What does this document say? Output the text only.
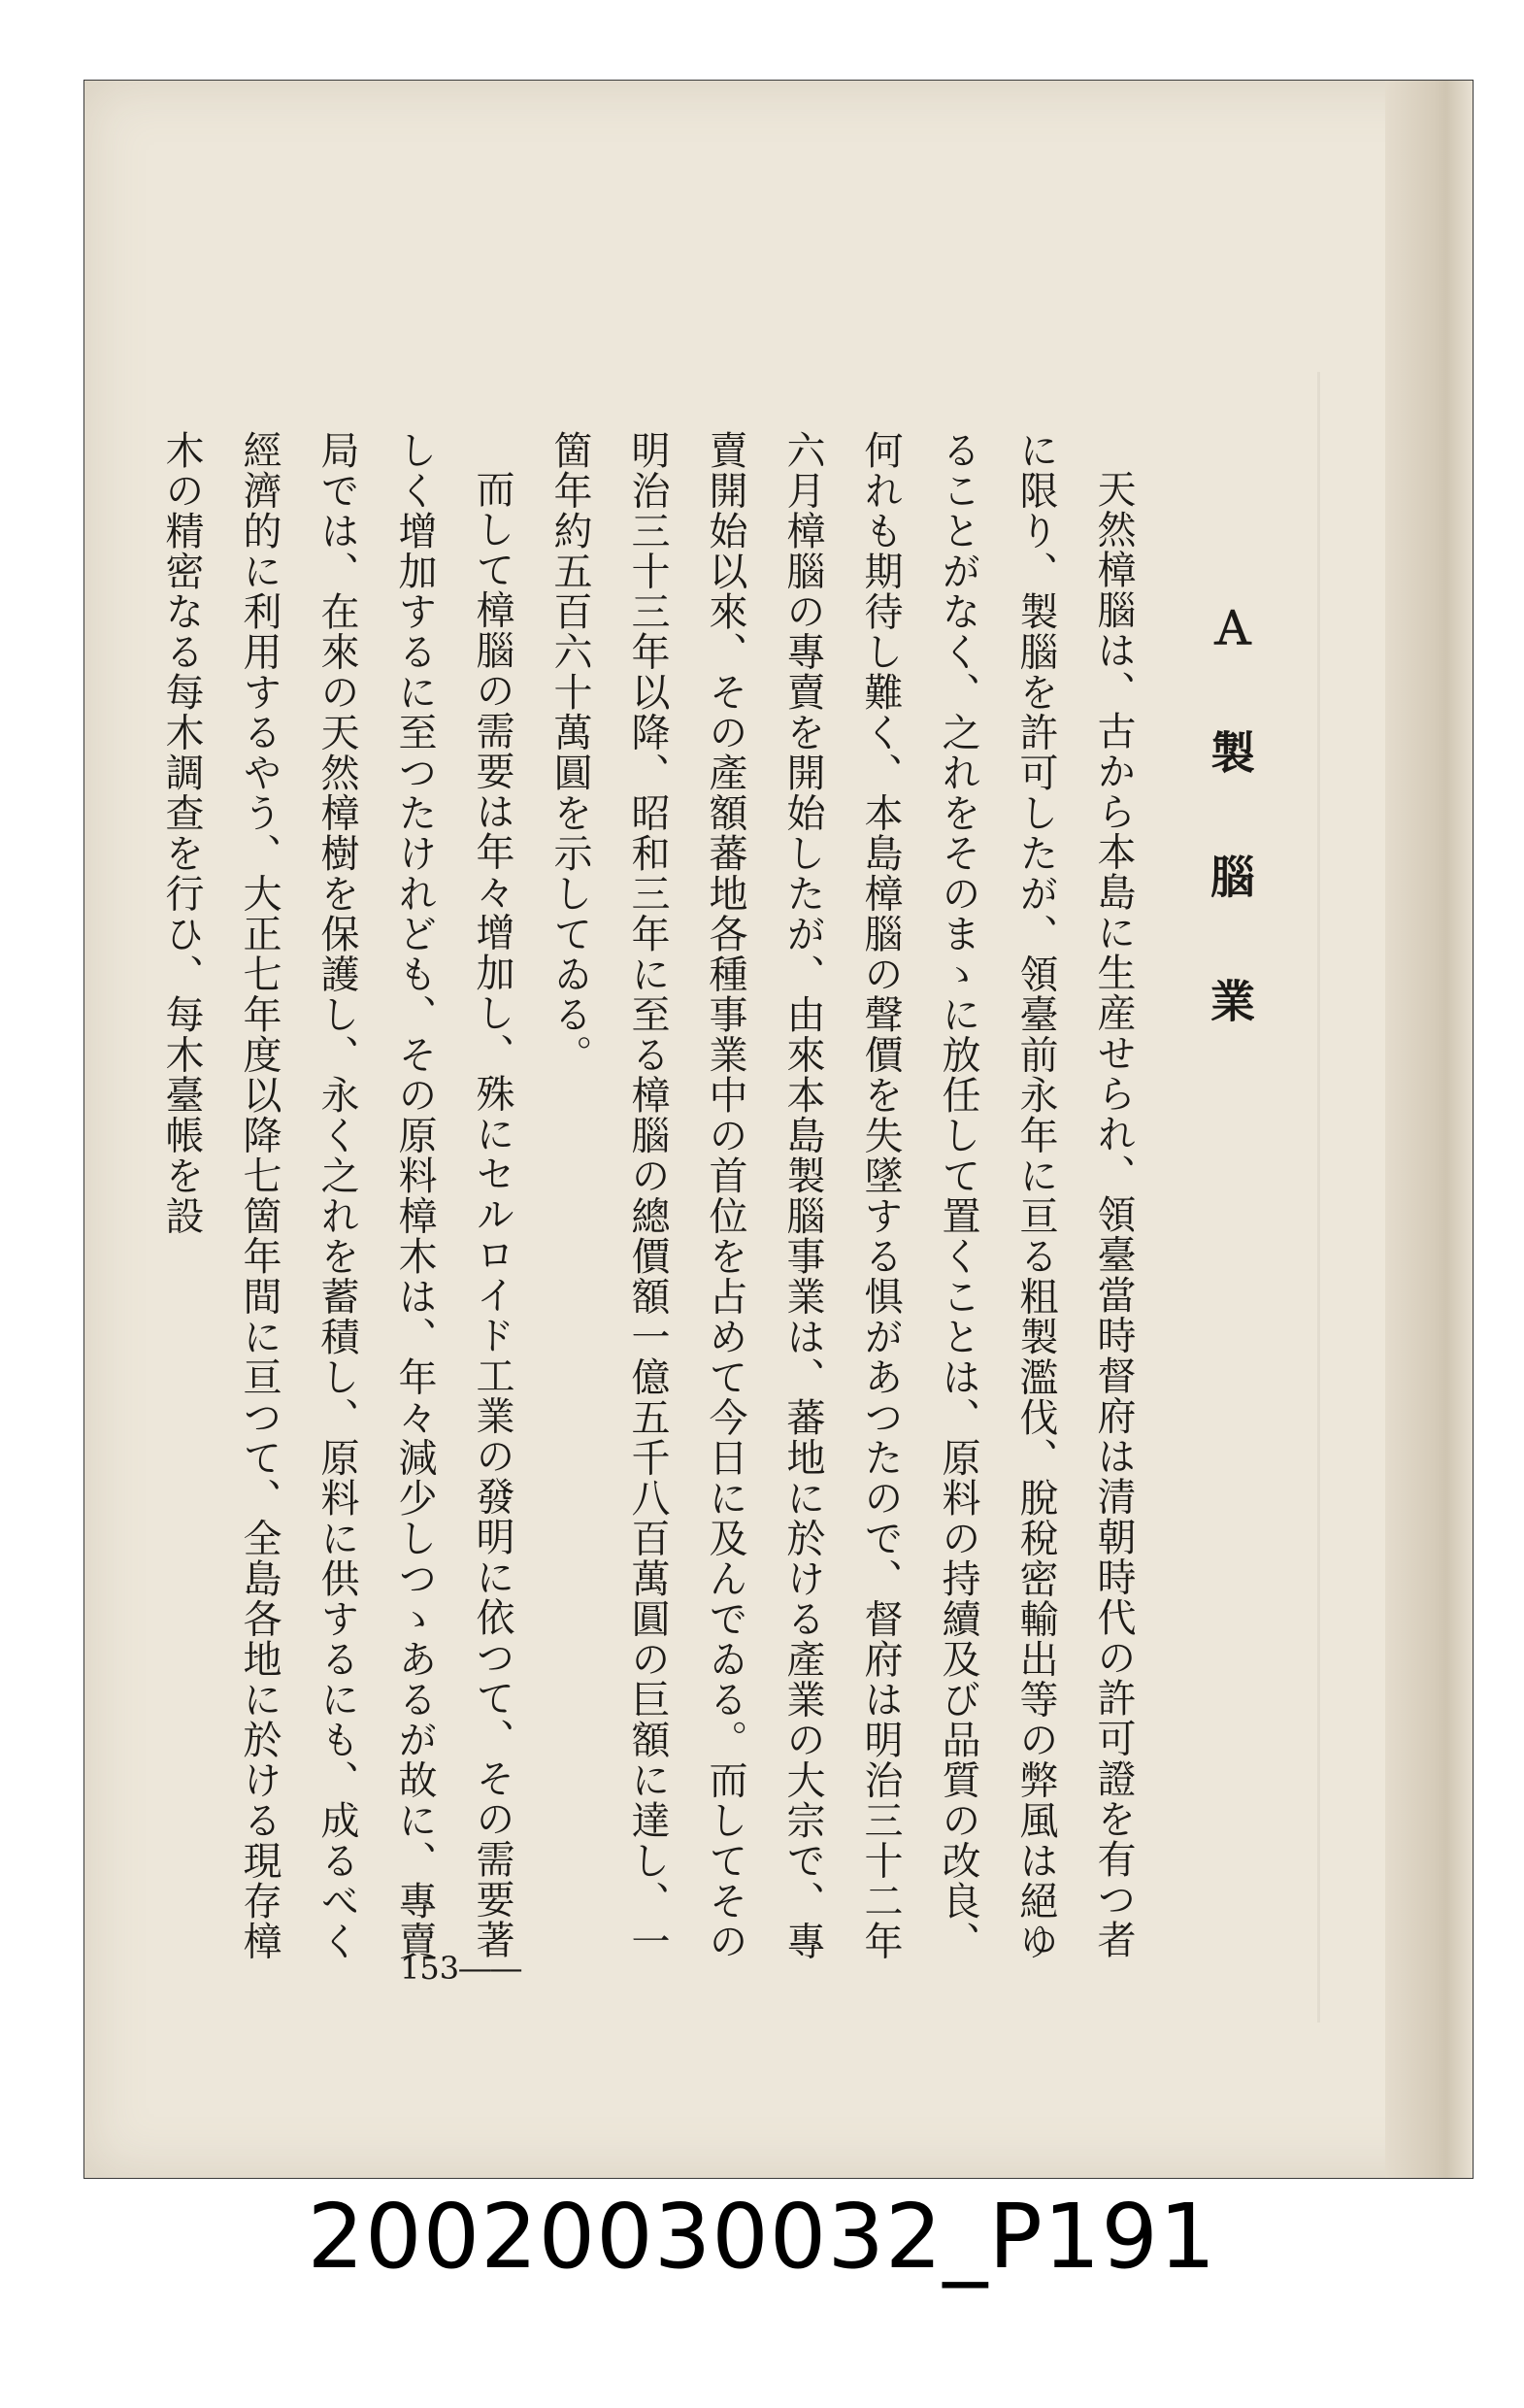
Ａ 製 腦 業

天然樟腦は、古から本島に生産せられ、領臺當時督府は清朝時代の許可證を有つ者に限り、製腦を許可したが、領臺前永年に亘る粗製濫伐、脫稅密輸出等の弊風は絕ゆることがなく、之れをそのまゝに放任して置くことは、原料の持續及び品質の改良、何れも期待し難く、本島樟腦の聲價を失墜する惧があつたので、督府は明治三十二年六月樟腦の專賣を開始したが、由來本島製腦事業は、蕃地に於ける產業の大宗で、專賣開始以來、その產額蕃地各種事業中の首位を占めて今日に及んでゐる。而してその明治三十三年以降、昭和三年に至る樟腦の總價額一億五千八百萬圓の巨額に達し、一箇年約五百六十萬圓を示してゐる。

而して樟腦の需要は年々增加し、殊にセルロイド工業の發明に依つて、その需要著しく增加するに至つたけれども、その原料樟木は、年々減少しつゝあるが故に、專賣局では、在來の天然樟樹を保護し、永く之れを蓄積し、原料に供するにも、成るべく經濟的に利用するやう、大正七年度以降七箇年間に亘つて、全島各地に於ける現存樟木の精密なる每木調查を行ひ、每木臺帳を設

153――
20020030032_P191
